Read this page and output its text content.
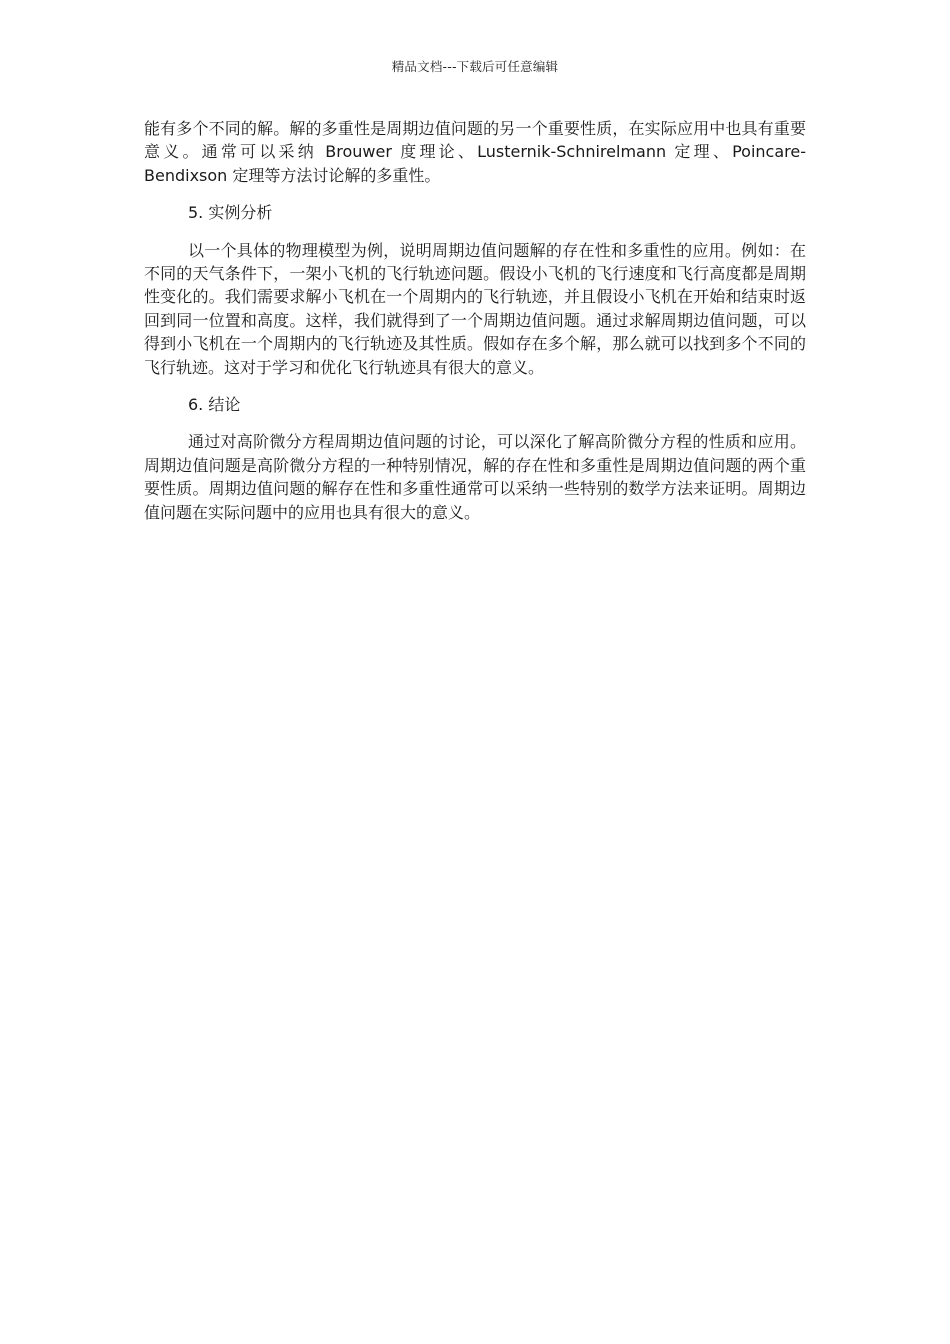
精品文档---下载后可任意编辑

能有多个不同的解。解的多重性是周期边值问题的另一个重要性质，在实际应用中也具有重要意义。通常可以采纳 Brouwer 度理论、Lusternik-Schnirelmann 定理、Poincare-Bendixson 定理等方法讨论解的多重性。

5. 实例分析

以一个具体的物理模型为例，说明周期边值问题解的存在性和多重性的应用。例如：在不同的天气条件下，一架小飞机的飞行轨迹问题。假设小飞机的飞行速度和飞行高度都是周期性变化的。我们需要求解小飞机在一个周期内的飞行轨迹，并且假设小飞机在开始和结束时返回到同一位置和高度。这样，我们就得到了一个周期边值问题。通过求解周期边值问题，可以得到小飞机在一个周期内的飞行轨迹及其性质。假如存在多个解，那么就可以找到多个不同的飞行轨迹。这对于学习和优化飞行轨迹具有很大的意义。

6. 结论

通过对高阶微分方程周期边值问题的讨论，可以深化了解高阶微分方程的性质和应用。周期边值问题是高阶微分方程的一种特别情况，解的存在性和多重性是周期边值问题的两个重要性质。周期边值问题的解存在性和多重性通常可以采纳一些特别的数学方法来证明。周期边值问题在实际问题中的应用也具有很大的意义。
